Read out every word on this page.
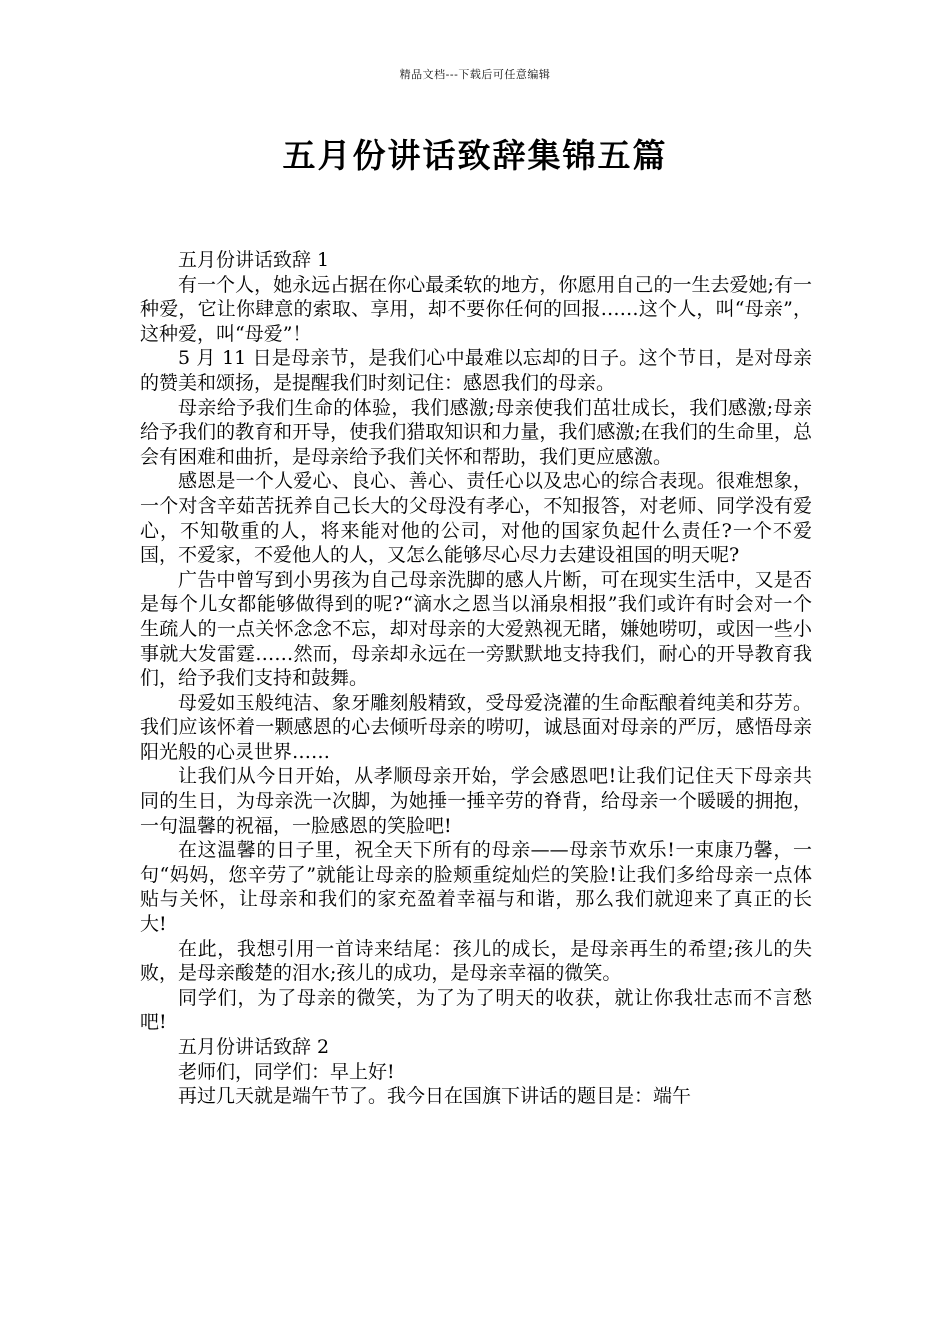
精品文档---下载后可任意编辑
五月份讲话致辞集锦五篇

五月份讲话致辞 1

有一个人，她永远占据在你心最柔软的地方，你愿用自己的一生去爱她;有一种爱，它让你肆意的索取、享用，却不要你任何的回报……这个人，叫“母亲”，这种爱，叫“母爱”！

5 月 11 日是母亲节，是我们心中最难以忘却的日子。这个节日，是对母亲的赞美和颂扬，是提醒我们时刻记住：感恩我们的母亲。

母亲给予我们生命的体验，我们感激;母亲使我们茁壮成长，我们感激;母亲给予我们的教育和开导，使我们猎取知识和力量，我们感激;在我们的生命里，总会有困难和曲折，是母亲给予我们关怀和帮助，我们更应感激。

感恩是一个人爱心、良心、善心、责任心以及忠心的综合表现。很难想象，一个对含辛茹苦抚养自己长大的父母没有孝心，不知报答，对老师、同学没有爱心，不知敬重的人，将来能对他的公司，对他的国家负起什么责任?一个不爱国，不爱家，不爱他人的人，又怎么能够尽心尽力去建设祖国的明天呢?

广告中曾写到小男孩为自己母亲洗脚的感人片断，可在现实生活中，又是否是每个儿女都能够做得到的呢?“滴水之恩当以涌泉相报”我们或许有时会对一个生疏人的一点关怀念念不忘，却对母亲的大爱熟视无睹，嫌她唠叨，或因一些小事就大发雷霆……然而，母亲却永远在一旁默默地支持我们，耐心的开导教育我们，给予我们支持和鼓舞。

母爱如玉般纯洁、象牙雕刻般精致，受母爱浇灌的生命酝酿着纯美和芬芳。我们应该怀着一颗感恩的心去倾听母亲的唠叨，诚恳面对母亲的严厉，感悟母亲阳光般的心灵世界……

让我们从今日开始，从孝顺母亲开始，学会感恩吧!让我们记住天下母亲共同的生日，为母亲洗一次脚，为她捶一捶辛劳的脊背，给母亲一个暖暖的拥抱，一句温馨的祝福，一脸感恩的笑脸吧!

在这温馨的日子里，祝全天下所有的母亲——母亲节欢乐!一束康乃馨，一句“妈妈，您辛劳了”就能让母亲的脸颊重绽灿烂的笑脸!让我们多给母亲一点体贴与关怀，让母亲和我们的家充盈着幸福与和谐，那么我们就迎来了真正的长大!

在此，我想引用一首诗来结尾：孩儿的成长，是母亲再生的希望;孩儿的失败，是母亲酸楚的泪水;孩儿的成功，是母亲幸福的微笑。

同学们，为了母亲的微笑，为了为了明天的收获，就让你我壮志而不言愁吧!

五月份讲话致辞 2

老师们，同学们：早上好!

再过几天就是端午节了。我今日在国旗下讲话的题目是：端午
